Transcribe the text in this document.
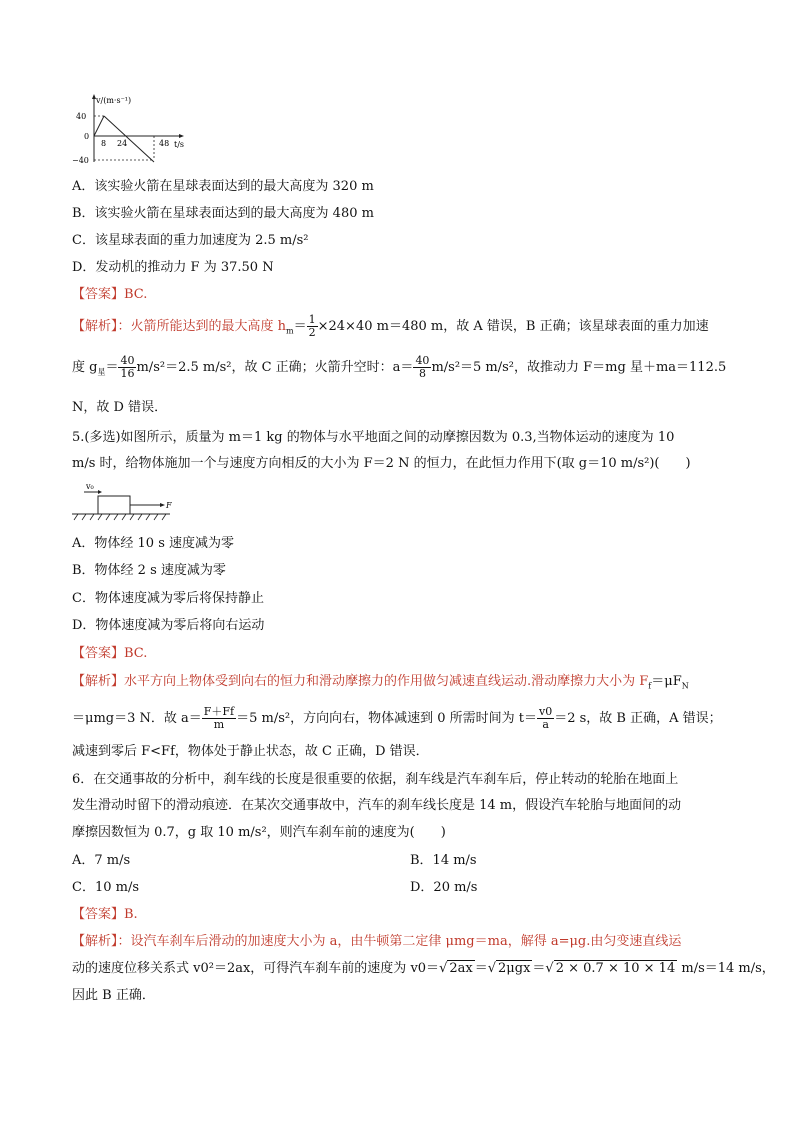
v/(m·s⁻¹)
t/s
40
0
−40
8 24	48
A．该实验火箭在星球表面达到的最大高度为 320 m
B．该实验火箭在星球表面达到的最大高度为 480 m
C．该星球表面的重力加速度为 2.5 m/s²
D．发动机的推动力 F 为 37.50 N
【答案】BC.
【解析】：火箭所能达到的最大高度 $h_m= \frac{1}{2} \times 24\times 40$ m＝480 m，故 A 错误，B 正确；该星球表面的重力加速
度 $g_星= \frac{40}{16} m/s^2=2.5$ m/s²，故 C 正确；火箭升空时：$a= \frac{40}{8} m/s^2=5$ m/s²，故推动力 F＝mg 星＋ma＝112.5
N，故 D 错误．
5.(多选)如图所示，质量为 m＝1 kg 的物体与水平地面之间的动摩擦因数为 0.3,当物体运动的速度为 10
m/s 时，给物体施加一个与速度方向相反的大小为 F＝2 N 的恒力，在此恒力作用下(取 g＝10 m/s²)(　　)
v₀
F
A．物体经 10 s 速度减为零
B．物体经 2 s 速度减为零
C．物体速度减为零后将保持静止
D．物体速度减为零后将向右运动
【答案】BC.
【解析】水平方向上物体受到向右的恒力和滑动摩擦力的作用做匀减速直线运动.滑动摩擦力大小为 $F_f=\mu F_N$
＝μmg＝3 N．故 $a= \frac{F+Ff}{m} =5$ m/s²，方向向右，物体减速到 0 所需时间为 $t= \frac{v0}{a} =2$ s，故 B 正确，A 错误；
减速到零后 F<Ff，物体处于静止状态，故 C 正确，D 错误．
6．在交通事故的分析中，刹车线的长度是很重要的依据，刹车线是汽车刹车后，停止转动的轮胎在地面上
发生滑动时留下的滑动痕迹．在某次交通事故中，汽车的刹车线长度是 14 m，假设汽车轮胎与地面间的动
摩擦因数恒为 0.7，g 取 10 m/s²，则汽车刹车前的速度为(　　)
A．7 m/s	B．14 m/s
C．10 m/s	D．20 m/s
【答案】B.
【解析】：设汽车刹车后滑动的加速度大小为 a，由牛顿第二定律 μmg＝ma，解得 a=μg.由匀变速直线运
动的速度位移关系式 v0²＝2ax，可得汽车刹车前的速度为 v0＝√ 2ax ＝√ 2μgx ＝√ 2 × 0.7 × 10 × 14 m/s＝14 m/s，
因此 B 正确．
